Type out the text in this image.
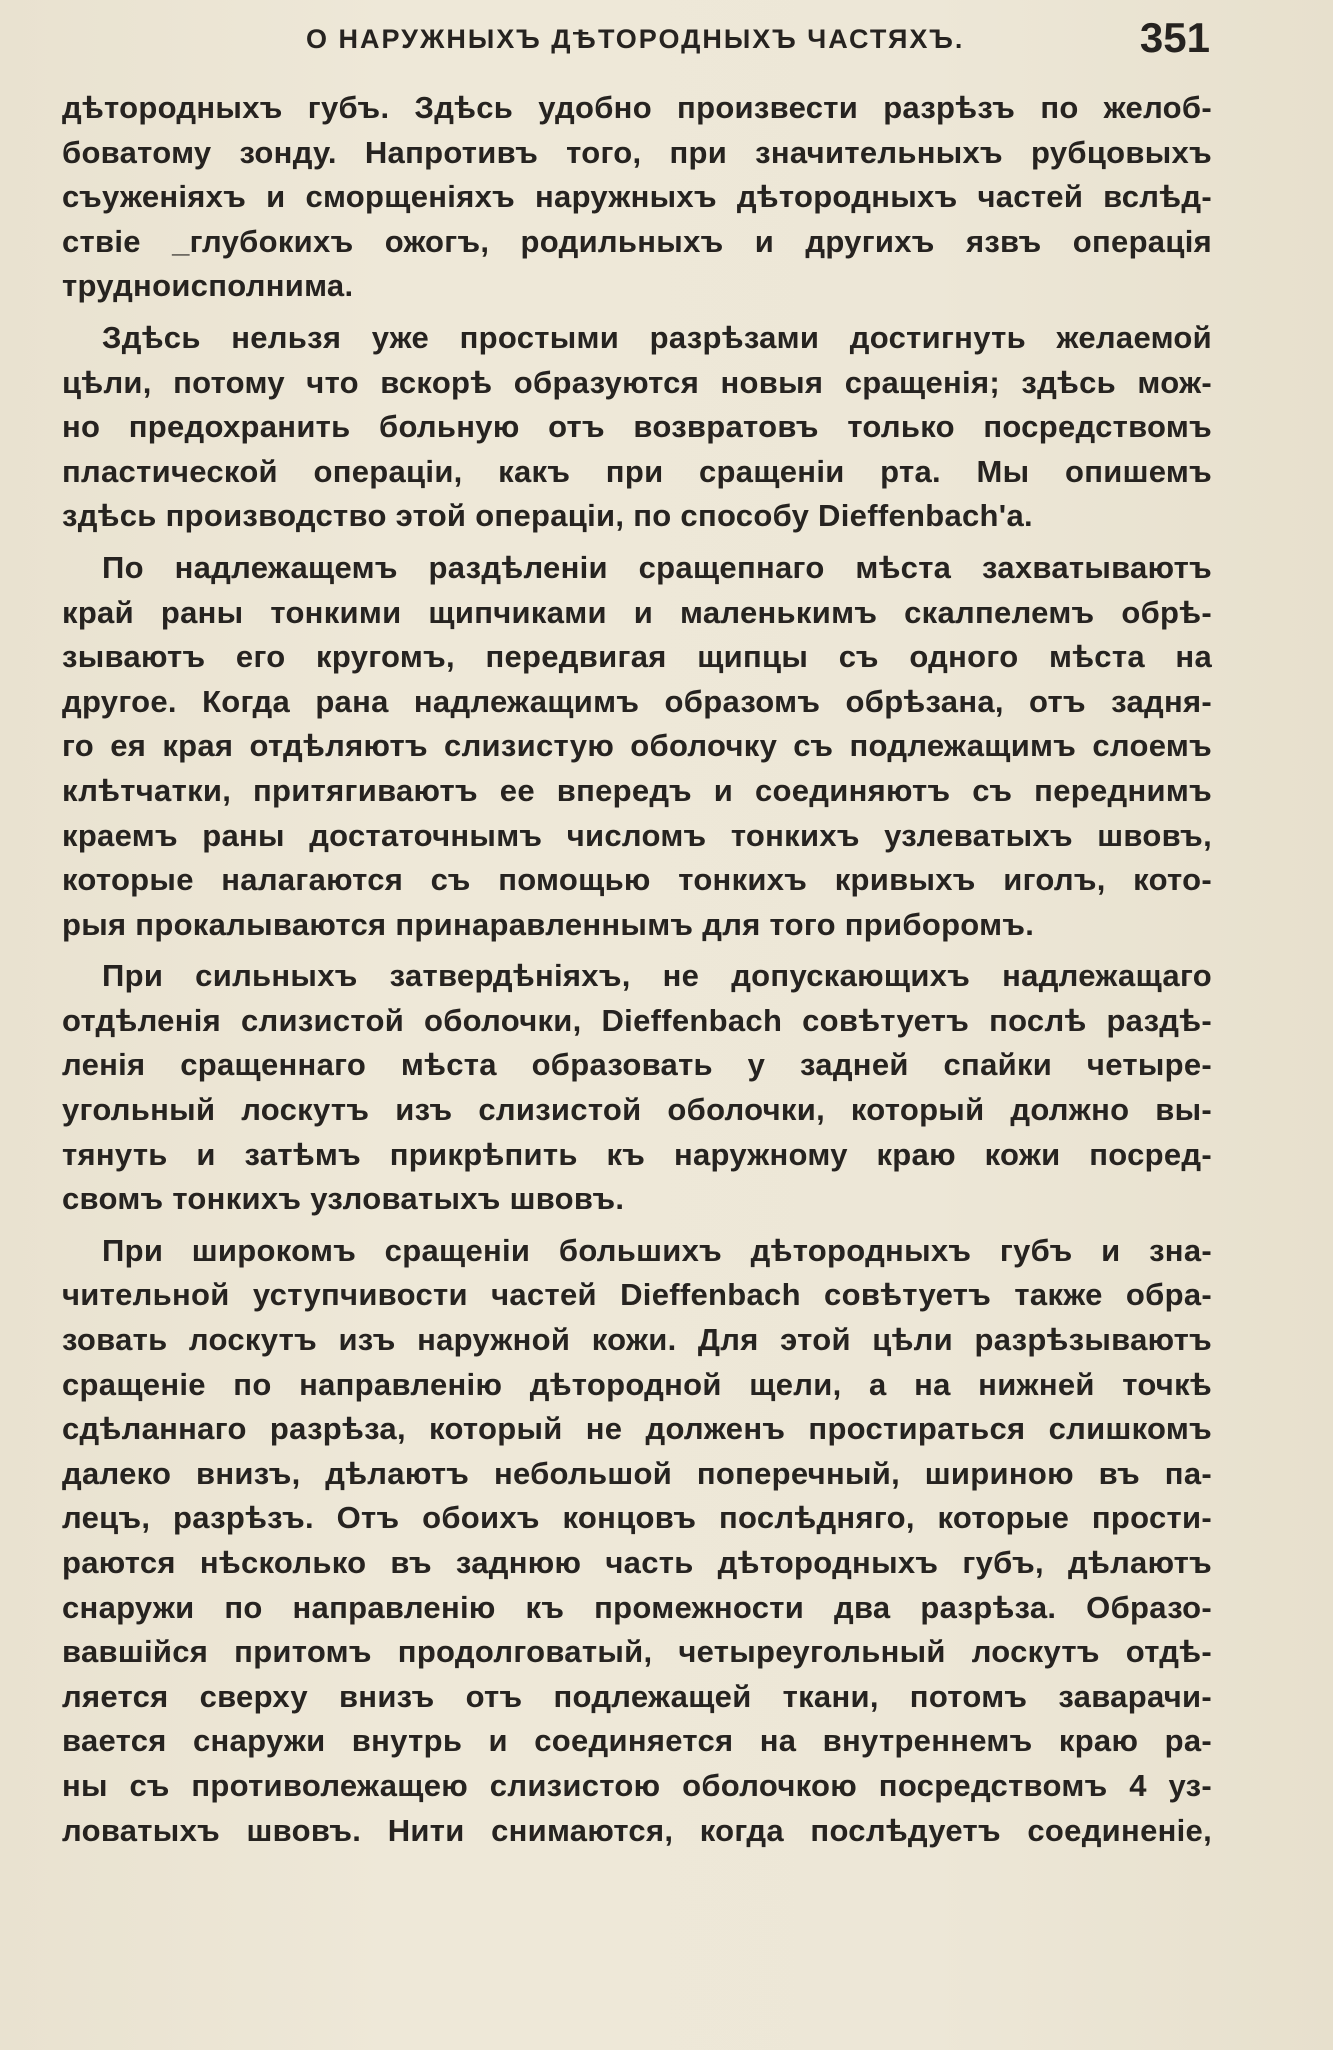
О НАРУЖНЫХЪ ДѢТОРОДНЫХЪ ЧАСТЯХЪ.	351
дѣтородныхъ губъ. Здѣсь удобно произвести разрѣзъ по желоб-
боватому зонду. Напротивъ того, при значительныхъ рубцовыхъ
съуженіяхъ и сморщеніяхъ наружныхъ дѣтородныхъ частей вслѣд-
ствіе _глубокихъ ожогъ, родильныхъ и другихъ язвъ операція
трудноисполнима.
Здѣсь нельзя уже простыми разрѣзами достигнуть желаемой
цѣли, потому что вскорѣ образуются новыя сращенія; здѣсь мож-
но предохранить больную отъ возвратовъ только посредствомъ
пластической операціи, какъ при сращеніи рта. Мы опишемъ
здѣсь производство этой операціи, по способу Dieffenbach'а.
По надлежащемъ раздѣленіи сращепнаго мѣста захватываютъ
край раны тонкими щипчиками и маленькимъ скалпелемъ обрѣ-
зываютъ его кругомъ, передвигая щипцы съ одного мѣста на
другое. Когда рана надлежащимъ образомъ обрѣзана, отъ задня-
го ея края отдѣляютъ слизистую оболочку съ подлежащимъ слоемъ
клѣтчатки, притягиваютъ ее впередъ и соединяютъ съ переднимъ
краемъ раны достаточнымъ числомъ тонкихъ узлеватыхъ швовъ,
которые налагаются съ помощью тонкихъ кривыхъ иголъ, кото-
рыя прокалываются принаравленнымъ для того приборомъ.
При сильныхъ затвердѣніяхъ, не допускающихъ надлежащаго
отдѣленія слизистой оболочки, Dieffenbach совѣтуетъ послѣ раздѣ-
ленія сращеннаго мѣста образовать у задней спайки четыре-
угольный лоскутъ изъ слизистой оболочки, который должно вы-
тянуть и затѣмъ прикрѣпить къ наружному краю кожи посред-
свомъ тонкихъ узловатыхъ швовъ.
При широкомъ сращеніи большихъ дѣтородныхъ губъ и зна-
чительной уступчивости частей Dieffenbach совѣтуетъ также обра-
зовать лоскутъ изъ наружной кожи. Для этой цѣли разрѣзываютъ
сращеніе по направленію дѣтородной щели, а на нижней точкѣ
сдѣланнаго разрѣза, который не долженъ простираться слишкомъ
далеко внизъ, дѣлаютъ небольшой поперечный, шириною въ па-
лецъ, разрѣзъ. Отъ обоихъ концовъ послѣдняго, которые прости-
раются нѣсколько въ заднюю часть дѣтородныхъ губъ, дѣлаютъ
снаружи по направленію къ промежности два разрѣза. Образо-
вавшійся притомъ продолговатый, четыреугольный лоскутъ отдѣ-
ляется сверху внизъ отъ подлежащей ткани, потомъ заварачи-
вается снаружи внутрь и соединяется на внутреннемъ краю ра-
ны съ противолежащею слизистою оболочкою посредствомъ 4 уз-
ловатыхъ швовъ. Нити снимаются, когда послѣдуетъ соединеніе,
